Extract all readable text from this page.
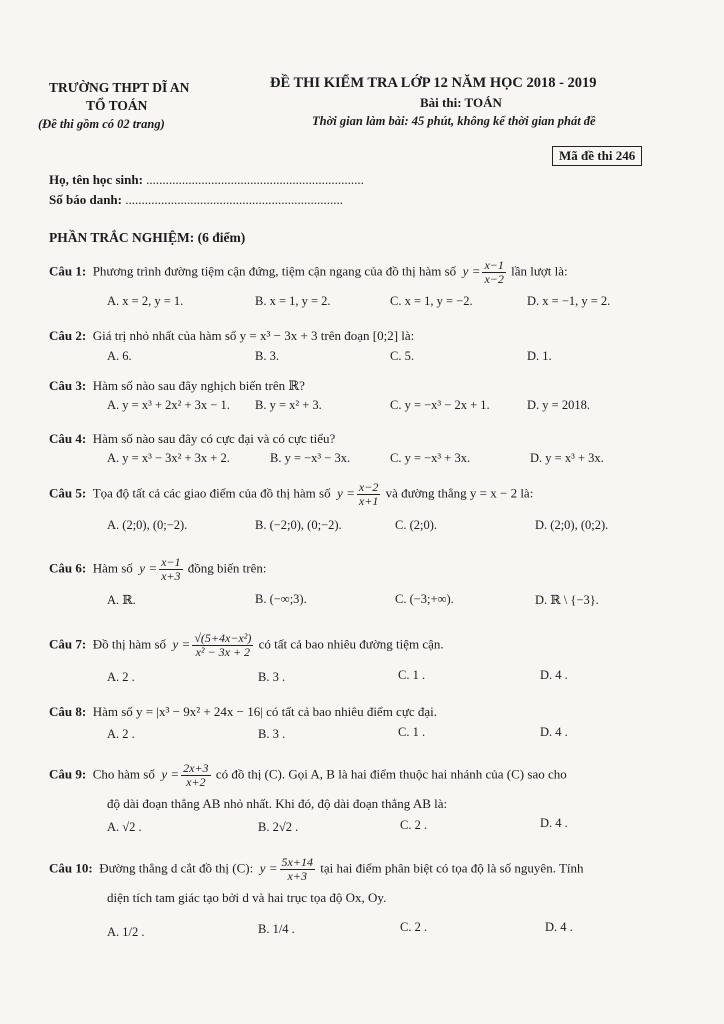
TRƯỜNG THPT DĨ AN
TỔ TOÁN
(Đề thi gồm có 02 trang)
ĐỀ THI KIỂM TRA LỚP 12 NĂM HỌC 2018 - 2019
Bài thi: TOÁN
Thời gian làm bài: 45 phút, không kể thời gian phát đề
Mã đề thi 246
Họ, tên học sinh: ...................................................................
Số báo danh: ...................................................................
PHẦN TRẮC NGHIỆM: (6 điểm)
Câu 1: Phương trình đường tiệm cận đứng, tiệm cận ngang của đồ thị hàm số $y = \frac{x-1}{x-2}$ lần lượt là:
A. x = 2, y = 1.	B. x = 1, y = 2.	C. x = 1, y = −2.	D. x = −1, y = 2.
Câu 2: Giá trị nhỏ nhất của hàm số y = x³ − 3x + 3 trên đoạn [0;2] là:
A. 6.	B. 3.	C. 5.	D. 1.
Câu 3: Hàm số nào sau đây nghịch biến trên ℝ?
A. y = x³ + 2x² + 3x − 1. B. y = x² + 3.	C. y = −x³ − 2x + 1.	D. y = 2018.
Câu 4: Hàm số nào sau đây có cực đại và có cực tiểu?
A. y = x³ − 3x² + 3x + 2.	B. y = −x³ − 3x.	C. y = −x³ + 3x.	D. y = x³ + 3x.
Câu 5: Tọa độ tất cả các giao điểm của đồ thị hàm số $y = \frac{x-2}{x+1}$ và đường thẳng y = x − 2 là:
A. (2;0), (0;−2).	B. (−2;0), (0;−2).	C. (2;0).	D. (2;0), (0;2).
Câu 6: Hàm số $y = \frac{x-1}{x+3}$ đồng biến trên:
A. ℝ.	B. (−∞;3).	C. (−3;+∞).	D. ℝ \ {−3}.
Câu 7: Đồ thị hàm số $y = \frac{\text{√(5+4x−x²)}}{\text{x² − 3x + 2}}$ có tất cả bao nhiêu đường tiệm cận.
A. 2 .	B. 3 .	C. 1 .	D. 4 .
Câu 8: Hàm số y = |x³ − 9x² + 24x − 16| có tất cả bao nhiêu điểm cực đại.
A. 2 .	B. 3 .	C. 1 .	D. 4 .
Câu 9: Cho hàm số $y = \frac{2x+3}{x+2}$ có đồ thị (C). Gọi A, B là hai điểm thuộc hai nhánh của (C) sao cho
độ dài đoạn thẳng AB nhỏ nhất. Khi đó, độ dài đoạn thẳng AB là:
A. √2 .	B. 2√2 .	C. 2 .	D. 4 .
Câu 10: Đường thẳng d cắt đồ thị (C): $y = \frac{5x+14}{x+3}$ tại hai điểm phân biệt có tọa độ là số nguyên. Tính
diện tích tam giác tạo bởi d và hai trục tọa độ Ox, Oy.
A. 1/2 .	B. 1/4 .	C. 2 .	D. 4 .
